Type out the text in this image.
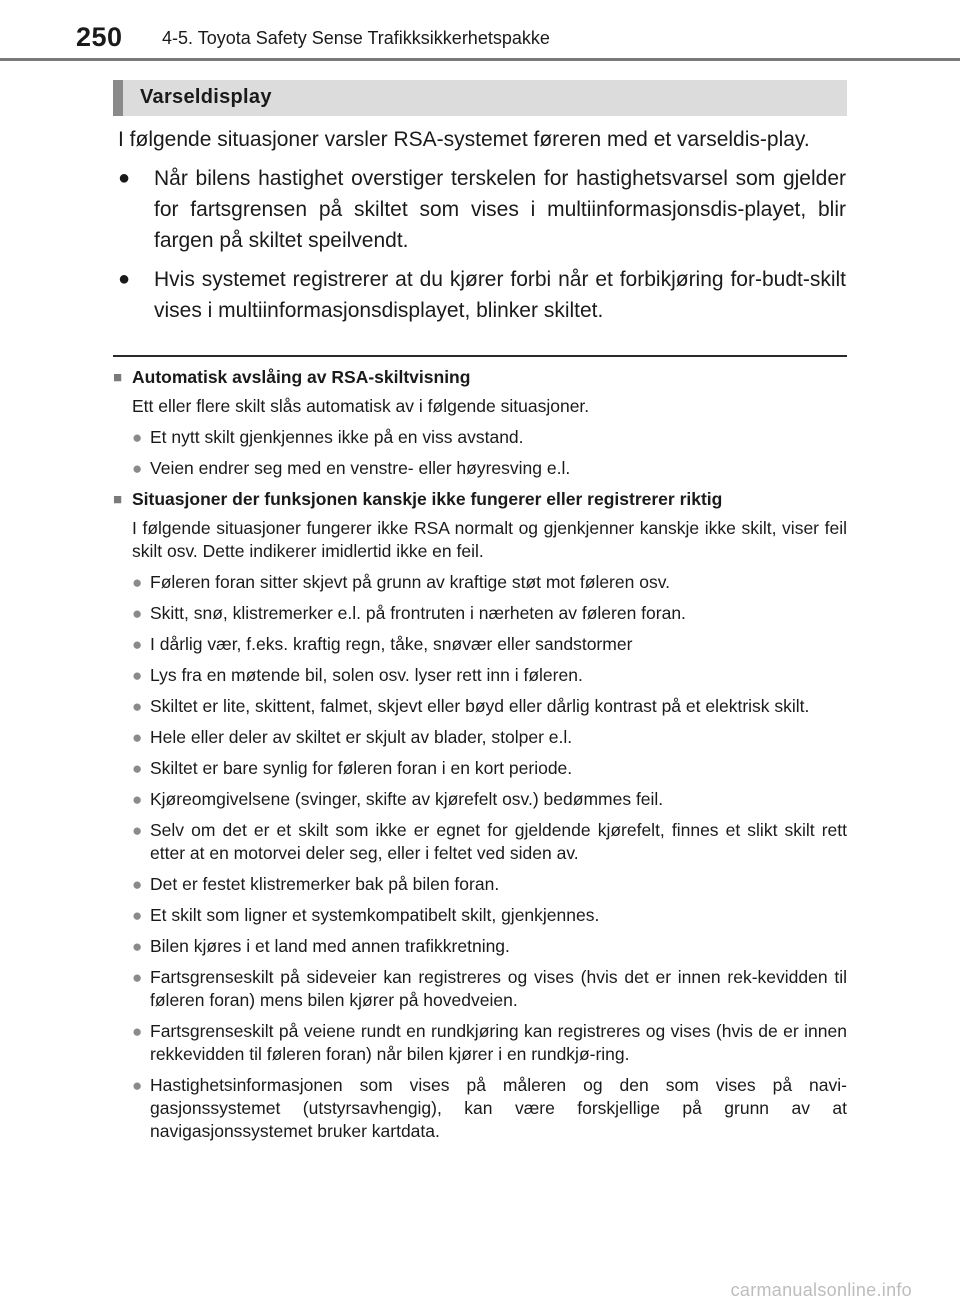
250 4-5. Toyota Safety Sense Trafikksikkerhetspakke
Varseldisplay

I følgende situasjoner varsler RSA-systemet føreren med et varseldis-play.

●	Når bilens hastighet overstiger terskelen for hastighetsvarsel som gjelder for fartsgrensen på skiltet som vises i multiinformasjonsdis-playet, blir fargen på skiltet speilvendt.
●	Hvis systemet registrerer at du kjører forbi når et forbikjøring for-budt-skilt vises i multiinformasjonsdisplayet, blinker skiltet.
■ Automatisk avslåing av RSA-skiltvisning
Ett eller flere skilt slås automatisk av i følgende situasjoner.
● Et nytt skilt gjenkjennes ikke på en viss avstand.
● Veien endrer seg med en venstre- eller høyresving e.l.
■ Situasjoner der funksjonen kanskje ikke fungerer eller registrerer riktig
I følgende situasjoner fungerer ikke RSA normalt og gjenkjenner kanskje ikke skilt, viser feil skilt osv. Dette indikerer imidlertid ikke en feil.
● Føleren foran sitter skjevt på grunn av kraftige støt mot føleren osv.
● Skitt, snø, klistremerker e.l. på frontruten i nærheten av føleren foran.
● I dårlig vær, f.eks. kraftig regn, tåke, snøvær eller sandstormer
● Lys fra en møtende bil, solen osv. lyser rett inn i føleren.
● Skiltet er lite, skittent, falmet, skjevt eller bøyd eller dårlig kontrast på et elektrisk skilt.
● Hele eller deler av skiltet er skjult av blader, stolper e.l.
● Skiltet er bare synlig for føleren foran i en kort periode.
● Kjøreomgivelsene (svinger, skifte av kjørefelt osv.) bedømmes feil.
● Selv om det er et skilt som ikke er egnet for gjeldende kjørefelt, finnes et slikt skilt rett etter at en motorvei deler seg, eller i feltet ved siden av.
● Det er festet klistremerker bak på bilen foran.
● Et skilt som ligner et systemkompatibelt skilt, gjenkjennes.
● Bilen kjøres i et land med annen trafikkretning.
● Fartsgrenseskilt på sideveier kan registreres og vises (hvis det er innen rek-kevidden til føleren foran) mens bilen kjører på hovedveien.
● Fartsgrenseskilt på veiene rundt en rundkjøring kan registreres og vises (hvis de er innen rekkevidden til føleren foran) når bilen kjører i en rundkjø-ring.
● Hastighetsinformasjonen som vises på måleren og den som vises på navi-gasjonssystemet (utstyrsavhengig), kan være forskjellige på grunn av at navigasjonssystemet bruker kartdata.
carmanualsonline.info
